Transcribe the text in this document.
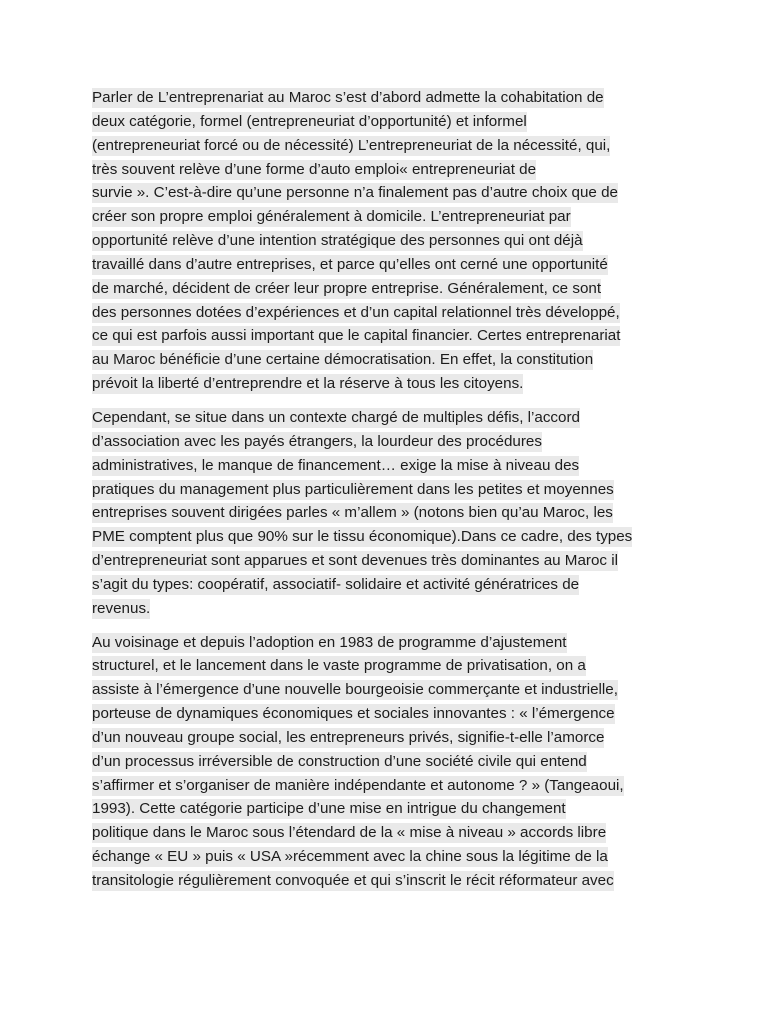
Parler de L’entreprenariat au Maroc s’est d’abord admette la cohabitation de
deux catégorie, formel (entrepreneuriat d’opportunité) et informel
(entrepreneuriat forcé ou de nécessité) L’entrepreneuriat de la nécessité, qui,
très souvent relève d’une forme d’auto emploi« entrepreneuriat de
survie ». C’est-à-dire qu’une personne n’a finalement pas d’autre choix que de
créer son propre emploi généralement à domicile. L’entrepreneuriat par
opportunité relève d’une intention stratégique des personnes qui ont déjà
travaillé dans d’autre entreprises, et parce qu’elles ont cerné une opportunité
de marché, décident de créer leur propre entreprise. Généralement, ce sont
des personnes dotées d’expériences et d’un capital relationnel très développé,
ce qui est parfois aussi important que le capital financier. Certes entreprenariat
au Maroc bénéficie d’une certaine démocratisation. En effet, la constitution
prévoit la liberté d’entreprendre et la réserve à tous les citoyens.
Cependant, se situe dans un contexte chargé de multiples défis, l’accord
d’association avec les payés étrangers, la lourdeur des procédures
administratives, le manque de financement… exige la mise à niveau des
pratiques du management plus particulièrement dans les petites et moyennes
entreprises souvent dirigées parles « m’allem » (notons bien qu’au Maroc, les
PME comptent plus que 90% sur le tissu économique).Dans ce cadre, des types
d’entrepreneuriat sont apparues et sont devenues très dominantes au Maroc il
s’agit du types: coopératif, associatif- solidaire et activité génératrices de
revenus.
Au voisinage et depuis l’adoption en 1983 de programme d’ajustement
structurel, et le lancement dans le vaste programme de privatisation, on a
assiste à l’émergence d’une nouvelle bourgeoisie commerçante et industrielle,
porteuse de dynamiques économiques et sociales innovantes : « l’émergence
d’un nouveau groupe social, les entrepreneurs privés, signifie-t-elle l’amorce
d’un processus irréversible de construction d’une société civile qui entend
s’affirmer et s’organiser de manière indépendante et autonome ? » (Tangeaoui,
1993). Cette catégorie participe d’une mise en intrigue du changement
politique dans le Maroc sous l’étendard de la « mise à niveau » accords libre
échange « EU » puis « USA »récemment avec la chine sous la légitime de la
transitologie régulièrement convoquée et qui s’inscrit le récit réformateur avec
